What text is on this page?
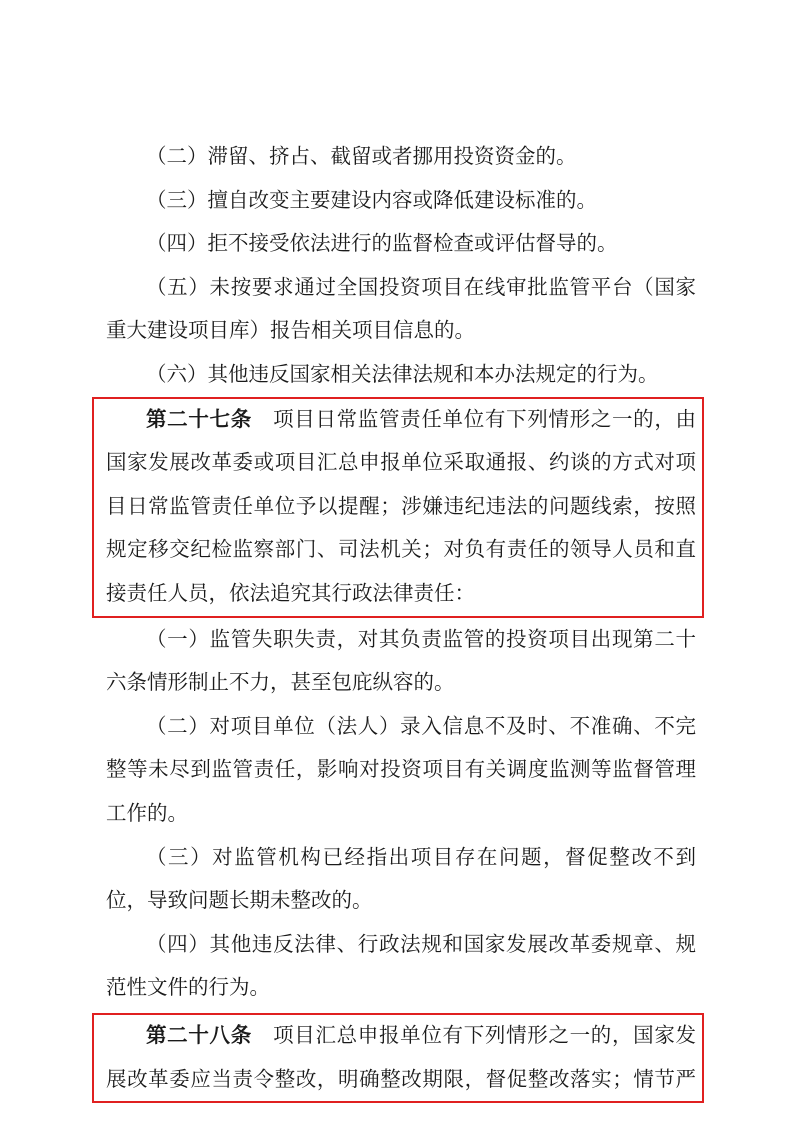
（二）滞留、挤占、截留或者挪用投资资金的。
（三）擅自改变主要建设内容或降低建设标准的。
（四）拒不接受依法进行的监督检查或评估督导的。
（五）未按要求通过全国投资项目在线审批监管平台（国家
重大建设项目库）报告相关项目信息的。
（六）其他违反国家相关法律法规和本办法规定的行为。
第二十七条　项目日常监管责任单位有下列情形之一的，由
国家发展改革委或项目汇总申报单位采取通报、约谈的方式对项
目日常监管责任单位予以提醒；涉嫌违纪违法的问题线索，按照
规定移交纪检监察部门、司法机关；对负有责任的领导人员和直
接责任人员，依法追究其行政法律责任：
（一）监管失职失责，对其负责监管的投资项目出现第二十
六条情形制止不力，甚至包庇纵容的。
（二）对项目单位（法人）录入信息不及时、不准确、不完
整等未尽到监管责任，影响对投资项目有关调度监测等监督管理
工作的。
（三）对监管机构已经指出项目存在问题，督促整改不到
位，导致问题长期未整改的。
（四）其他违反法律、行政法规和国家发展改革委规章、规
范性文件的行为。
第二十八条　项目汇总申报单位有下列情形之一的，国家发
展改革委应当责令整改，明确整改期限，督促整改落实；情节严
